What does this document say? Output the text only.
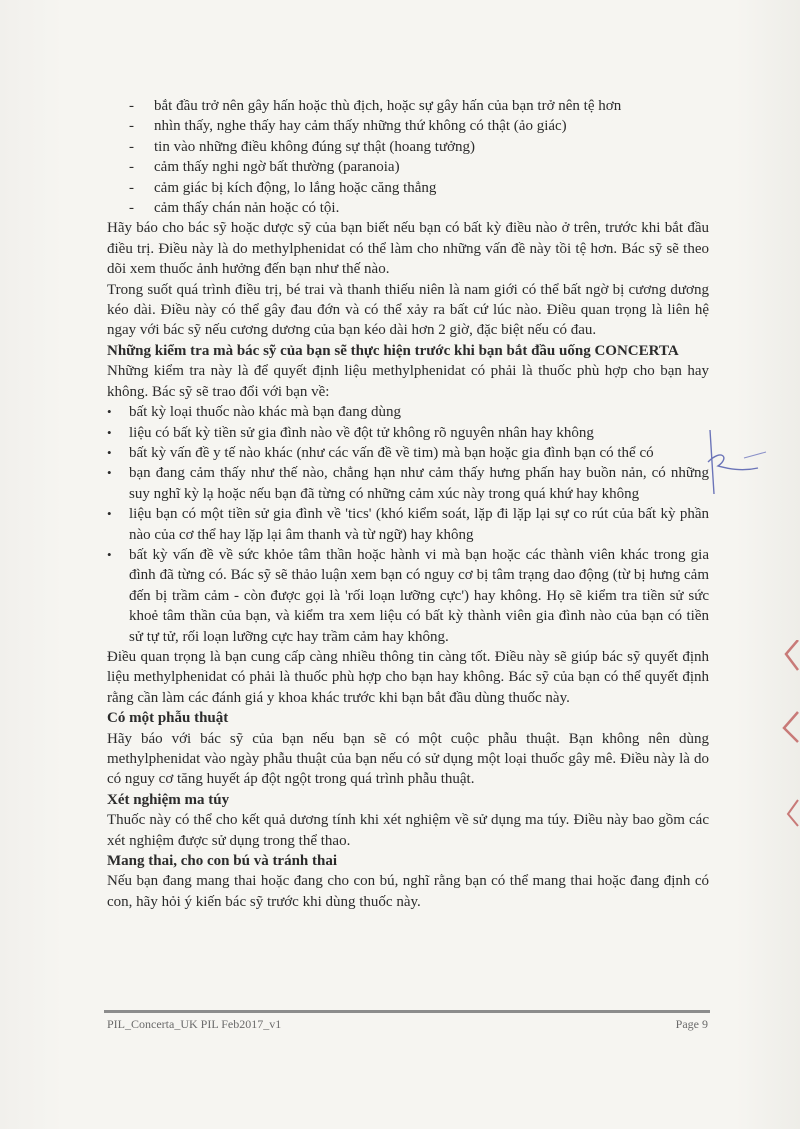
- bắt đầu trở nên gây hấn hoặc thù địch, hoặc sự gây hấn của bạn trở nên tệ hơn
- nhìn thấy, nghe thấy hay cảm thấy những thứ không có thật (ảo giác)
- tin vào những điều không đúng sự thật (hoang tưởng)
- cảm thấy nghi ngờ bất thường (paranoia)
- cảm giác bị kích động, lo lắng hoặc căng thẳng
- cảm thấy chán nản hoặc có tội.

Hãy báo cho bác sỹ hoặc dược sỹ của bạn biết nếu bạn có bất kỳ điều nào ở trên, trước khi bắt đầu điều trị. Điều này là do methylphenidat có thể làm cho những vấn đề này tồi tệ hơn. Bác sỹ sẽ theo dõi xem thuốc ảnh hưởng đến bạn như thế nào.

Trong suốt quá trình điều trị, bé trai và thanh thiếu niên là nam giới có thể bất ngờ bị cương dương kéo dài. Điều này có thể gây đau đớn và có thể xảy ra bất cứ lúc nào. Điều quan trọng là liên hệ ngay với bác sỹ nếu cương dương của bạn kéo dài hơn 2 giờ, đặc biệt nếu có đau.

Những kiểm tra mà bác sỹ của bạn sẽ thực hiện trước khi bạn bắt đầu uống CONCERTA

Những kiểm tra này là để quyết định liệu methylphenidat có phải là thuốc phù hợp cho bạn hay không. Bác sỹ sẽ trao đổi với bạn về:

• bất kỳ loại thuốc nào khác mà bạn đang dùng
• liệu có bất kỳ tiền sử gia đình nào về đột tử không rõ nguyên nhân hay không
• bất kỳ vấn đề y tế nào khác (như các vấn đề về tim) mà bạn hoặc gia đình bạn có thể có
• bạn đang cảm thấy như thế nào, chẳng hạn như cảm thấy hưng phấn hay buồn nản, có những suy nghĩ kỳ lạ hoặc nếu bạn đã từng có những cảm xúc này trong quá khứ hay không
• liệu bạn có một tiền sử gia đình về 'tics' (khó kiểm soát, lặp đi lặp lại sự co rút của bất kỳ phần nào của cơ thể hay lặp lại âm thanh và từ ngữ) hay không
• bất kỳ vấn đề về sức khỏe tâm thần hoặc hành vi mà bạn hoặc các thành viên khác trong gia đình đã từng có. Bác sỹ sẽ thảo luận xem bạn có nguy cơ bị tâm trạng dao động (từ bị hưng cảm đến bị trầm cảm - còn được gọi là 'rối loạn lưỡng cực') hay không. Họ sẽ kiểm tra tiền sử sức khoẻ tâm thần của bạn, và kiểm tra xem liệu có bất kỳ thành viên gia đình nào của bạn có tiền sử tự tử, rối loạn lưỡng cực hay trầm cảm hay không.

Điều quan trọng là bạn cung cấp càng nhiều thông tin càng tốt. Điều này sẽ giúp bác sỹ quyết định liệu methylphenidat có phải là thuốc phù hợp cho bạn hay không. Bác sỹ của bạn có thể quyết định rằng cần làm các đánh giá y khoa khác trước khi bạn bắt đầu dùng thuốc này.

Có một phẫu thuật

Hãy báo với bác sỹ của bạn nếu bạn sẽ có một cuộc phẫu thuật. Bạn không nên dùng methylphenidat vào ngày phẫu thuật của bạn nếu có sử dụng một loại thuốc gây mê. Điều này là do có nguy cơ tăng huyết áp đột ngột trong quá trình phẫu thuật.

Xét nghiệm ma túy

Thuốc này có thể cho kết quả dương tính khi xét nghiệm về sử dụng ma túy. Điều này bao gồm các xét nghiệm được sử dụng trong thể thao.

Mang thai, cho con bú và tránh thai

Nếu bạn đang mang thai hoặc đang cho con bú, nghĩ rằng bạn có thể mang thai hoặc đang định có con, hãy hỏi ý kiến bác sỹ trước khi dùng thuốc này.

PIL_Concerta_UK PIL Feb2017_v1	Page 9
